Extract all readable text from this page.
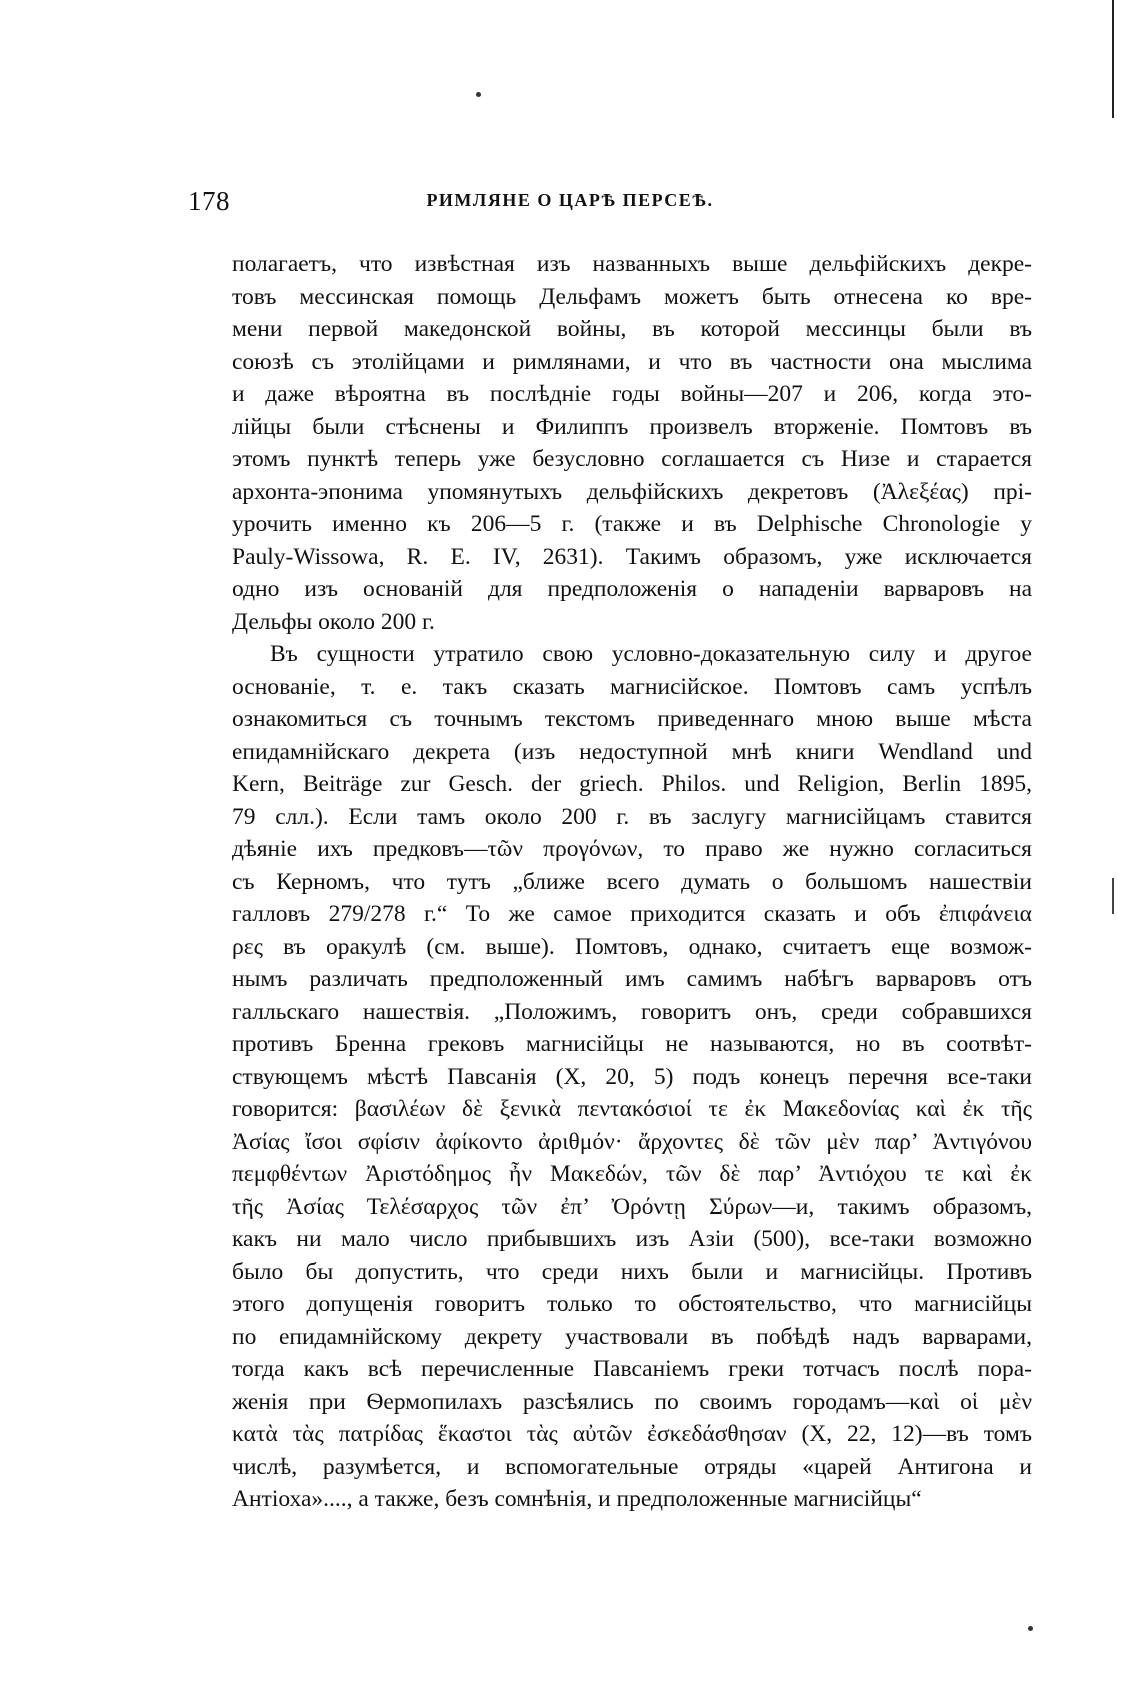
178	РИМЛЯНЕ О ЦАРѢ ПЕРСЕѢ.
полагаетъ, что извѣстная изъ названныхъ выше дельфійскихъ декре-
товъ мессинская помощь Дельфамъ можетъ быть отнесена ко вре-
мени первой македонской войны, въ которой мессинцы были въ
союзѣ съ этолійцами и римлянами, и что въ частности она мыслима
и даже вѣроятна въ послѣдніе годы войны—207 и 206, когда это-
лійцы были стѣснены и Филиппъ произвелъ вторженіе. Помтовъ въ
этомъ пунктѣ теперь уже безусловно соглашается съ Низе и старается
архонта-эпонима упомянутыхъ дельфійскихъ декретовъ (Ἀλεξέας) прі-
урочить именно къ 206—5 г. (также и въ Delphische Chronologie у
Pauly-Wissowa, R. E. IV, 2631). Такимъ образомъ, уже исключается
одно изъ основаній для предположенія о нападеніи варваровъ на
Дельфы около 200 г.
Въ сущности утратило свою условно-доказательную силу и другое
основаніе, т. е. такъ сказать магнисійское. Помтовъ самъ успѣлъ
ознакомиться съ точнымъ текстомъ приведеннаго мною выше мѣста
епидамнійскаго декрета (изъ недоступной мнѣ книги Wendland und
Kern, Beiträge zur Gesch. der griech. Philos. und Religion, Berlin 1895,
79 слл.). Если тамъ около 200 г. въ заслугу магнисійцамъ ставится
дѣяніе ихъ предковъ—τῶν προγόνων, то право же нужно согласиться
съ Керномъ, что тутъ „ближе всего думать о большомъ нашествіи
галловъ 279/278 г.“ То же самое приходится сказать и объ ἐπιφάνεια
ρες въ оракулѣ (см. выше). Помтовъ, однако, считаетъ еще возмож-
нымъ различать предположенный имъ самимъ набѣгъ варваровъ отъ
галльскаго нашествія. „Положимъ, говоритъ онъ, среди собравшихся
противъ Бренна грековъ магнисійцы не называются, но въ соотвѣт-
ствующемъ мѣстѣ Павсанія (X, 20, 5) подъ конецъ перечня все-таки
говорится: βασιλέων δὲ ξενικὰ πεντακόσιοί τε ἐκ Μακεδονίας καὶ ἐκ τῆς
Ἀσίας ἴσοι σφίσιν ἀφίκοντο ἀριθμόν· ἄρχοντες δὲ τῶν μὲν παρ’ Ἀντιγόνου
πεμφθέντων Ἀριστόδημος ἦν Μακεδών, τῶν δὲ παρ’ Ἀντιόχου τε καὶ ἐκ
τῆς Ἀσίας Τελέσαρχος τῶν ἐπ’ Ὀρόντῃ Σύρων—и, такимъ образомъ,
какъ ни мало число прибывшихъ изъ Азіи (500), все-таки возможно
было бы допустить, что среди нихъ были и магнисійцы. Противъ
этого допущенія говоритъ только то обстоятельство, что магнисійцы
по епидамнійскому декрету участвовали въ побѣдѣ надъ варварами,
тогда какъ всѣ перечисленные Павсаніемъ греки тотчасъ послѣ пора-
женія при Ѳермопилахъ разсѣялись по своимъ городамъ—καὶ οἱ μὲν
κατὰ τὰς πατρίδας ἕκαστοι τὰς αὐτῶν ἐσκεδάσθησαν (X, 22, 12)—въ томъ
числѣ, разумѣется, и вспомогательные отряды «царей Антигона и
Антіоха»...., а также, безъ сомнѣнія, и предположенные магнисійцы“
